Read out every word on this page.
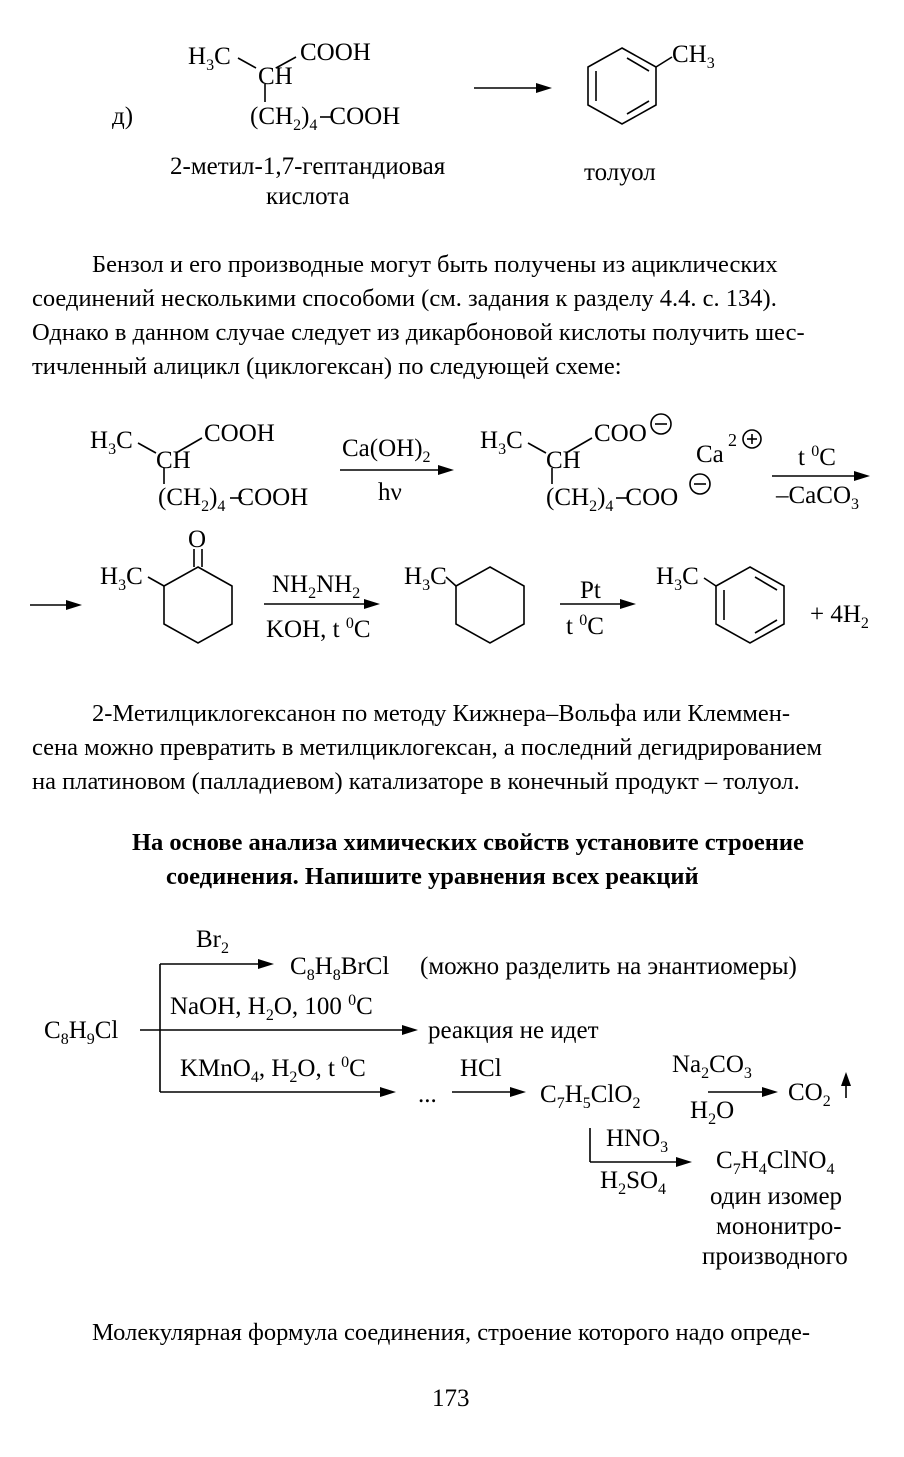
д)
$H_3C$
CH
COOH
$(CH_2)_4$ COOH
$CH_3$
$H_3C$
CH
COOH
$(CH_2)_4$ COOH
$Ca(OH)_2$
hν
$H_3C$
CH
COO
$(CH_2)_4$ COO
Ca
2
t $^0$C
–CaCO$_3$
O
$H_3C$	$NH_2NH_2$
KOH, t $^0$C
$H_3C$
Pt
t $^0$C
$H_3C$
+ $4H_2$
$C_8H_9Cl$
$Br_2$
$C_8H_8BrCl$
NaOH, $H_2O$, 100 $^0$C
KMnO$_4$, $H_2O$, t $^0$C	HCl
$C_7H_5ClO_2$
$Na_2CO_3$
$H_2O$
$CO_2$
$HNO_3$
$H_2SO_4$
$C_7H_4ClNO_4$
2-метил-1,7-гептандиовая
кислота
толуол
Бензол и его производные могут быть получены из ациклических
соединений несколькими способоми (см. задания к разделу 4.4. с. 134).
Однако в данном случае следует из дикарбоновой кислоты получить шес-
тичленный алицикл (циклогексан) по следующей схеме:
2-Метилциклогексанон по методу Кижнера–Вольфа или Клеммен-
сена можно превратить в метилциклогексан, а последний дегидрированием
на платиновом (палладиевом) катализаторе в конечный продукт – толуол.
На основе анализа химических свойств установите строение
соединения. Напишите уравнения всех реакций
(можно разделить на энантиомеры)
реакция не идет
...
один изомер
мононитро-
производного
Молекулярная формула соединения, строение которого надо опреде-
173
